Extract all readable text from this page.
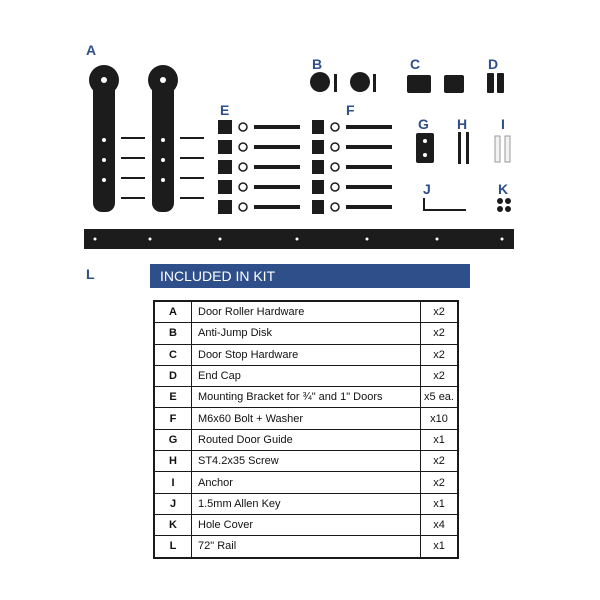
A
B	C	D
E	F
G H I
J	K
L	INCLUDED IN KIT
A	Door Roller Hardware	x2
B	Anti-Jump Disk	x2
C	Door Stop Hardware	x2
D	End Cap	x2
E	Mounting Bracket for ¾" and 1" Doors	x5 ea.
F	M6x60 Bolt + Washer	x10
G	Routed Door Guide	x1
H	ST4.2x35 Screw	x2
I	Anchor	x2
J	1.5mm Allen Key	x1
K	Hole Cover	x4
L	72" Rail	x1
